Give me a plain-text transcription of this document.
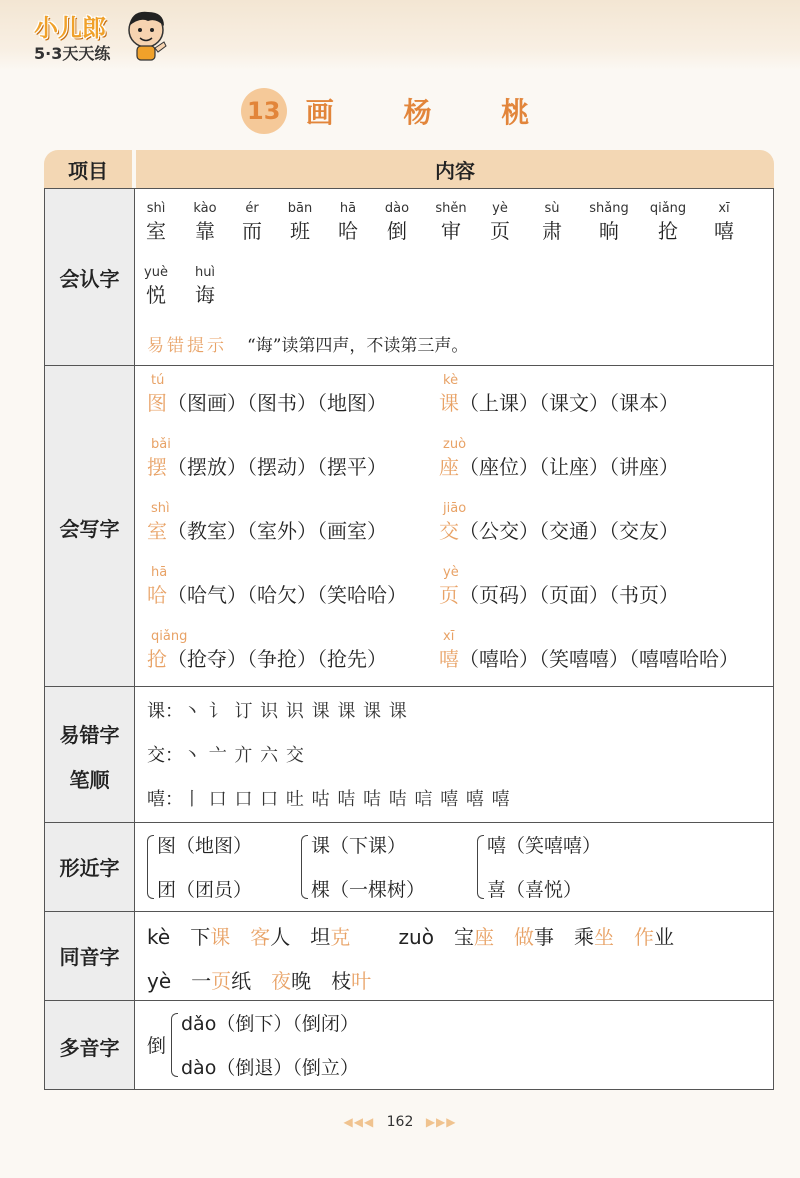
小儿郎
5·3天天练
13 画 杨 桃
项目	内容
会认字
会写字
易错字
笔顺
形近字
同音字
多音字
shì
室
kào
靠
ér
而
bān
班
hā
哈
dào
倒
shěn
审
yè
页
sù
肃
shǎng
晌
qiǎng
抢
xī
嘻
yuè
悦
huì
诲
易错提示 “诲”读第四声，不读第三声。
tú
图（图画）（图书）（地图）
kè
课（上课）（课文）（课本）
bǎi
摆（摆放）（摆动）（摆平）
zuò
座（座位）（让座）（讲座）
shì
室（教室）（室外）（画室）
jiāo
交（公交）（交通）（交友）
hā
哈（哈气）（哈欠）（笑哈哈）
yè
页（页码）（页面）（书页）
qiǎng
抢（抢夺）（争抢）（抢先）
xī
嘻（嘻哈）（笑嘻嘻）（嘻嘻哈哈）
课：丶 讠 订 识 识 课 课 课 课
交：丶 亠 亣 六 交
嘻：丨 口 口 口 吐 咕 咭 咭 咭 唁 嘻 嘻 嘻
图（地图）
团（团员）
课（下课）
棵（一棵树）
嘻（笑嘻嘻）
喜（喜悦）
kè 下课 客人 坦克 zuò 宝座 做事 乘坐 作业
yè 一页纸 夜晚 枝叶
倒
dǎo（倒下）（倒闭）
dào（倒退）（倒立）
◀◀◀ 162 ▶▶▶
